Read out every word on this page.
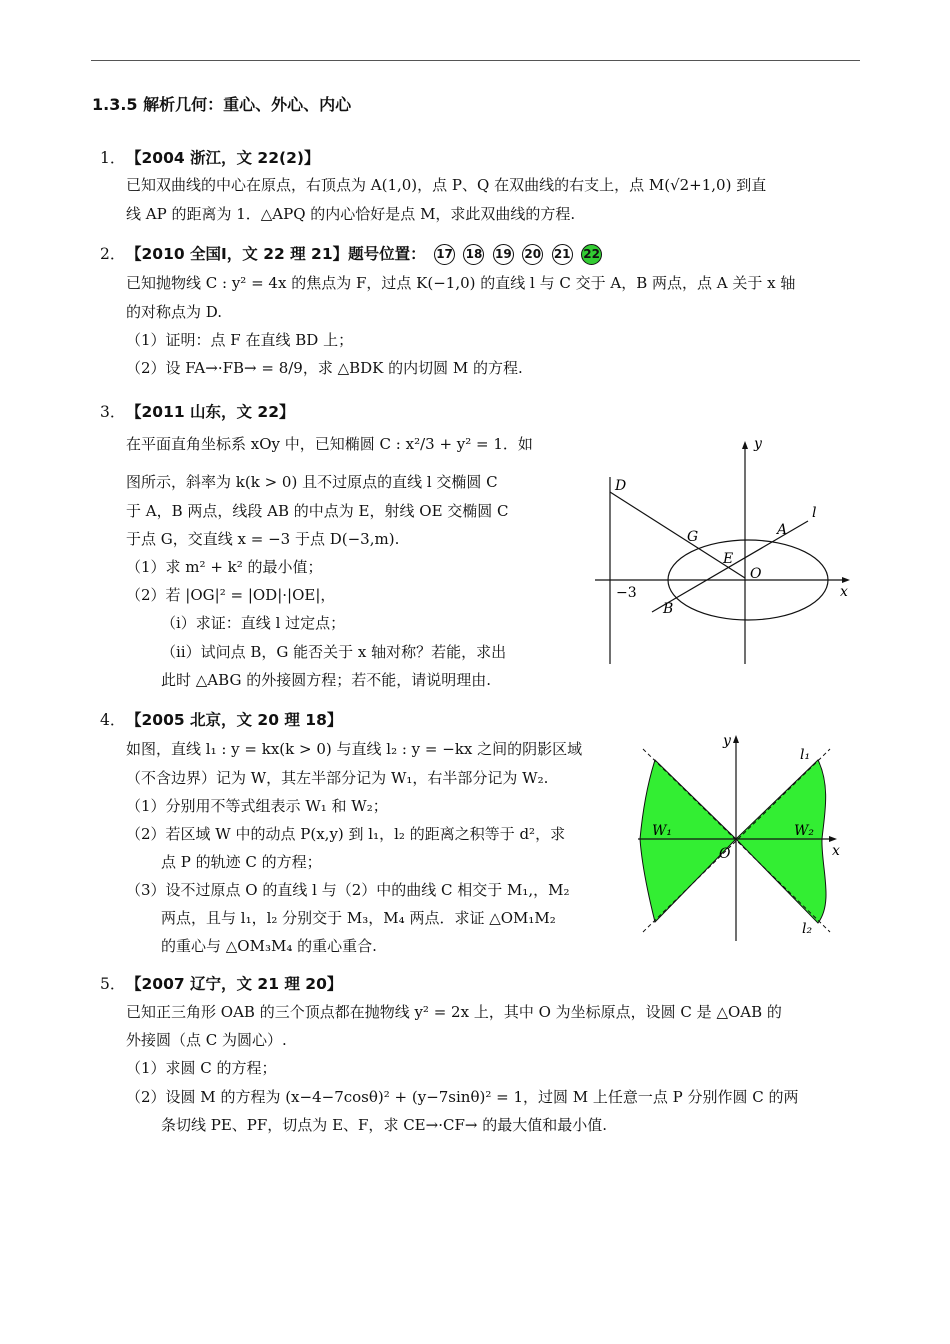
1.3.5 解析几何：重心、外心、内心
1． 【2004 浙江，文 22(2)】
已知双曲线的中心在原点，右顶点为 A(1,0)，点 P、Q 在双曲线的右支上，点 M(√2+1,0) 到直
线 AP 的距离为 1．△APQ 的内心恰好是点 M，求此双曲线的方程.
2． 【2010 全国Ⅰ，文 22 理 21】题号位置： 17 18 19 20 21 22
已知抛物线 C : y² = 4x 的焦点为 F，过点 K(−1,0) 的直线 l 与 C 交于 A，B 两点，点 A 关于 x 轴
的对称点为 D.
（1）证明：点 F 在直线 BD 上；
（2）设 FA→·FB→ = 8/9，求 △BDK 的内切圆 M 的方程.
3． 【2011 山东，文 22】
在平面直角坐标系 xOy 中，已知椭圆 C : x²/3 + y² = 1．如
图所示，斜率为 k(k > 0) 且不过原点的直线 l 交椭圆 C
于 A，B 两点，线段 AB 的中点为 E，射线 OE 交椭圆 C
于点 G，交直线 x = −3 于点 D(−3,m).
（1）求 m² + k² 的最小值；
（2）若 |OG|² = |OD|·|OE|，
（ⅰ）求证：直线 l 过定点；
（ⅱ）试问点 B，G 能否关于 x 轴对称？若能，求出
此时 △ABG 的外接圆方程；若不能，请说明理由.
y
x
D
l
A
G
E
O
−3
B
4． 【2005 北京，文 20 理 18】
如图，直线 l₁ : y = kx(k > 0) 与直线 l₂ : y = −kx 之间的阴影区域
（不含边界）记为 W，其左半部分记为 W₁，右半部分记为 W₂.
（1）分别用不等式组表示 W₁ 和 W₂；
（2）若区域 W 中的动点 P(x,y) 到 l₁，l₂ 的距离之积等于 d²，求
点 P 的轨迹 C 的方程；
（3）设不过原点 O 的直线 l 与（2）中的曲线 C 相交于 M₁,，M₂
两点，且与 l₁，l₂ 分别交于 M₃，M₄ 两点．求证 △OM₁M₂
的重心与 △OM₃M₄ 的重心重合.
y
x
l₁
l₂
W₁	W₂
O
5． 【2007 辽宁，文 21 理 20】
已知正三角形 OAB 的三个顶点都在抛物线 y² = 2x 上，其中 O 为坐标原点，设圆 C 是 △OAB 的
外接圆（点 C 为圆心）.
（1）求圆 C 的方程；
（2）设圆 M 的方程为 (x−4−7cosθ)² + (y−7sinθ)² = 1，过圆 M 上任意一点 P 分别作圆 C 的两
条切线 PE、PF，切点为 E、F，求 CE→·CF→ 的最大值和最小值.
